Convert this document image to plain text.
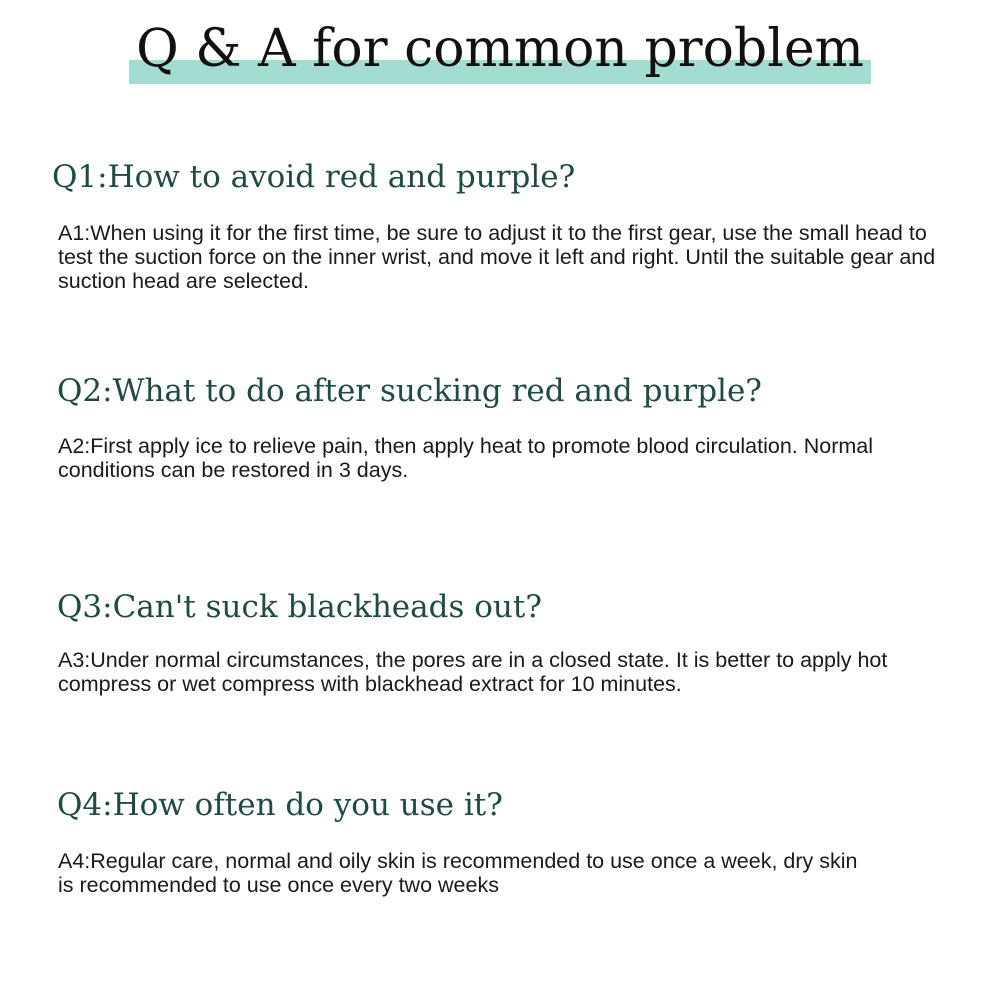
Q & A for common problem
Q1:How to avoid red and purple?

A1:When using it for the first time, be sure to adjust it to the first gear, use the small head to test the suction force on the inner wrist, and move it left and right. Until the suitable gear and suction head are selected.

Q2:What to do after sucking red and purple?

A2:First apply ice to relieve pain, then apply heat to promote blood circulation. Normal conditions can be restored in 3 days.

Q3:Can't suck blackheads out?

A3:Under normal circumstances, the pores are in a closed state. It is better to apply hot compress or wet compress with blackhead extract for 10 minutes.

Q4:How often do you use it?

A4:Regular care, normal and oily skin is recommended to use once a week, dry skin is recommended to use once every two weeks
